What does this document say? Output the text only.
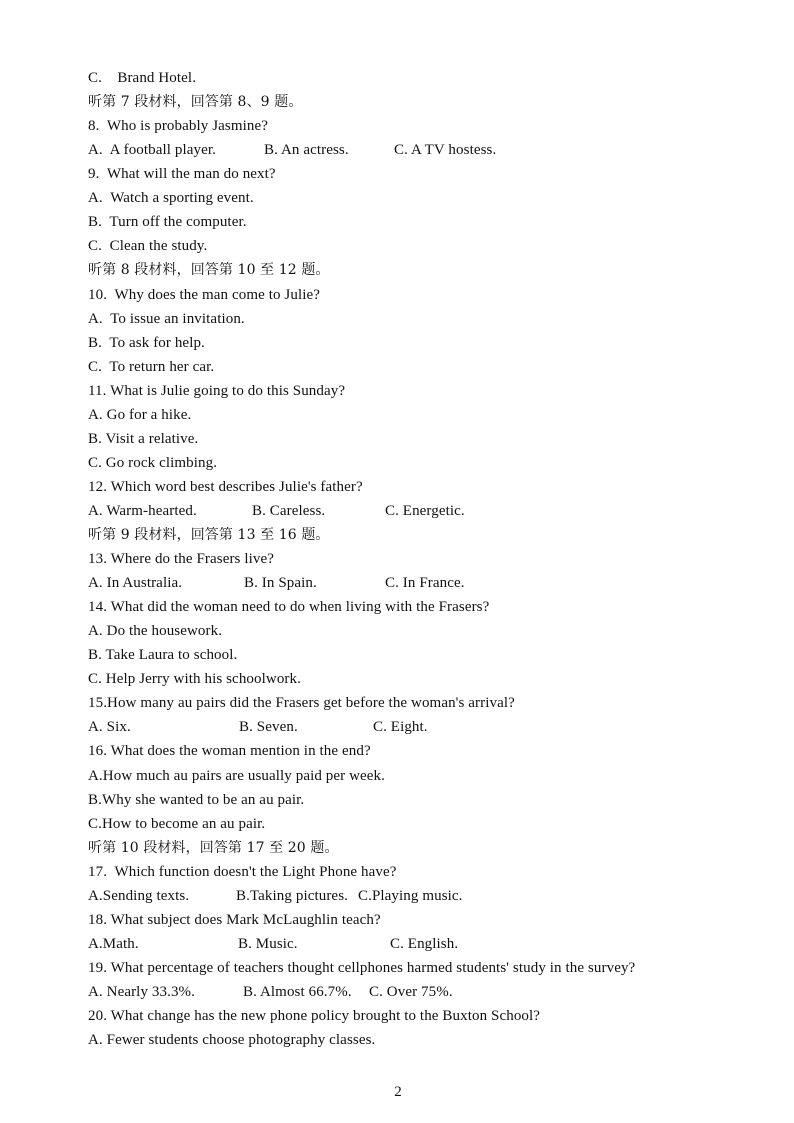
C.    Brand Hotel.
听第 7 段材料，回答第 8、9 题。
8.  Who is probably Jasmine?
A.  A football player.	B. An actress.	C. A TV hostess.
9.  What will the man do next?
A.  Watch a sporting event.
B.  Turn off the computer.
C.  Clean the study.
听第 8 段材料，回答第 10 至 12 题。
10.  Why does the man come to Julie?
A.  To issue an invitation.
B.  To ask for help.
C.  To return her car.
11. What is Julie going to do this Sunday?
A. Go for a hike.
B. Visit a relative.
C. Go rock climbing.
12. Which word best describes Julie's father?
A. Warm-hearted.	B. Careless.	C. Energetic.
听第 9 段材料，回答第 13 至 16 题。
13. Where do the Frasers live?
A. In Australia.	B. In Spain.	C. In France.
14. What did the woman need to do when living with the Frasers?
A. Do the housework.
B. Take Laura to school.
C. Help Jerry with his schoolwork.
15.How many au pairs did the Frasers get before the woman's arrival?
A. Six.	B. Seven.	C. Eight.
16. What does the woman mention in the end?
A.How much au pairs are usually paid per week.
B.Why she wanted to be an au pair.
C.How to become an au pair.
听第 10 段材料，回答第 17 至 20 题。
17.  Which function doesn't the Light Phone have?
A.Sending texts.	B.Taking pictures. C.Playing music.
18. What subject does Mark McLaughlin teach?
A.Math.	B. Music.	C. English.
19. What percentage of teachers thought cellphones harmed students' study in the survey?
A. Nearly 33.3%.	B. Almost 66.7%. C. Over 75%.
20. What change has the new phone policy brought to the Buxton School?
A. Fewer students choose photography classes.
2
